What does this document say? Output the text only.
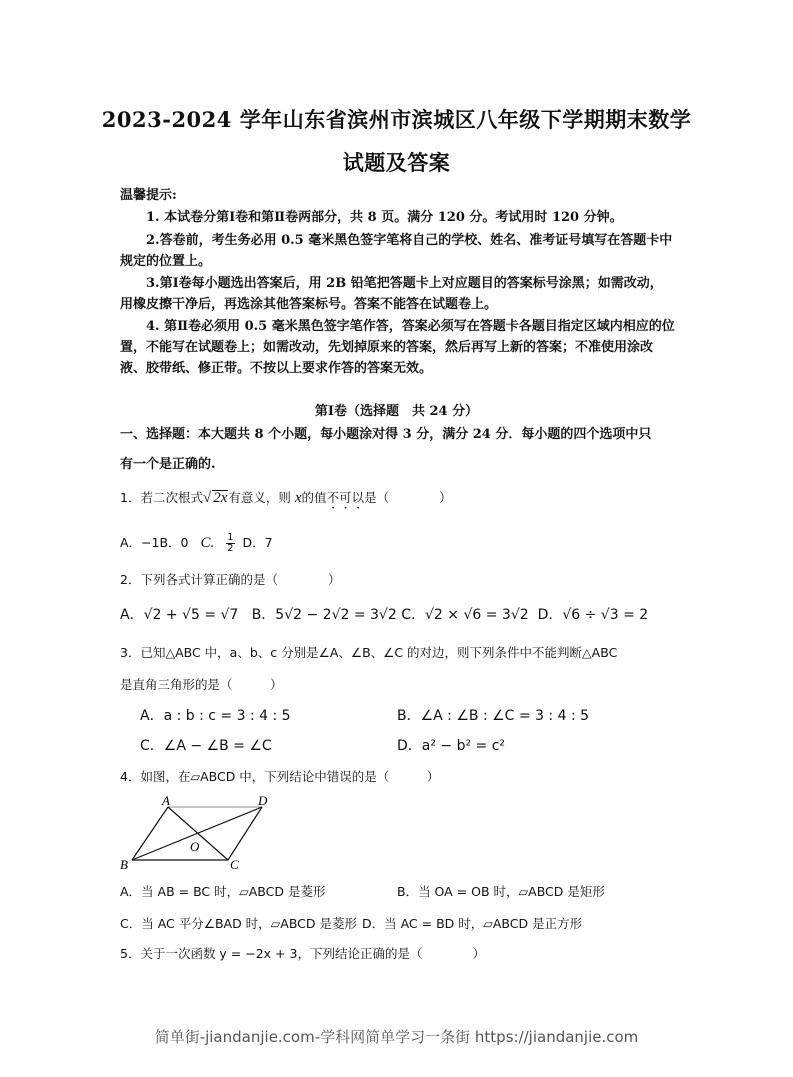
2023-2024 学年山东省滨州市滨城区八年级下学期期末数学
试题及答案
温馨提示:
1. 本试卷分第Ⅰ卷和第Ⅱ卷两部分，共 8 页。满分 120 分。考试用时 120 分钟。
2.答卷前，考生务必用 0.5 毫米黑色签字笔将自己的学校、姓名、准考证号填写在答题卡中规定的位置上。
3.第Ⅰ卷每小题选出答案后，用 2B 铅笔把答题卡上对应题目的答案标号涂黑；如需改动，用橡皮擦干净后，再选涂其他答案标号。答案不能答在试题卷上。
4. 第Ⅱ卷必须用 0.5 毫米黑色签字笔作答，答案必须写在答题卡各题目指定区域内相应的位置，不能写在试题卷上；如需改动，先划掉原来的答案，然后再写上新的答案；不准使用涂改液、胶带纸、修正带。不按以上要求作答的答案无效。
第Ⅰ卷（选择题　共 24 分）
一、选择题：本大题共 8 个小题，每小题涂对得 3 分，满分 24 分．每小题的四个选项中只
有一个是正确的.
1．若二次根式√ 2x有意义，则 x的值不可以是（　　　　）
A．−1B．0 C. $\frac{1}{2}$ D．7
2．下列各式计算正确的是（　　　　）
A．√2 + √5 = √7 B．5√2 − 2√2 = 3√2 C．√2 × √6 = 3√2 D．√6 ÷ √3 = 2
3．已知△ABC 中，a、b、c 分别是∠A、∠B、∠C 的对边，则下列条件中不能判断△ABC
是直角三角形的是（　　　）
A．a : b : c = 3 : 4 : 5	B．∠A : ∠B : ∠C = 3 : 4 : 5
C．∠A − ∠B = ∠C	D．a² − b² = c²
4．如图，在▱ABCD 中，下列结论中错误的是（　　　）
A	D
B	C
O
A．当 AB = BC 时，▱ABCD 是菱形	B．当 OA = OB 时，▱ABCD 是矩形
C．当 AC 平分∠BAD 时，▱ABCD 是菱形 D．当 AC = BD 时，▱ABCD 是正方形
5．关于一次函数 y = −2x + 3，下列结论正确的是（　　　　）
简单街-jiandanjie.com-学科网简单学习一条街 https://jiandanjie.com
